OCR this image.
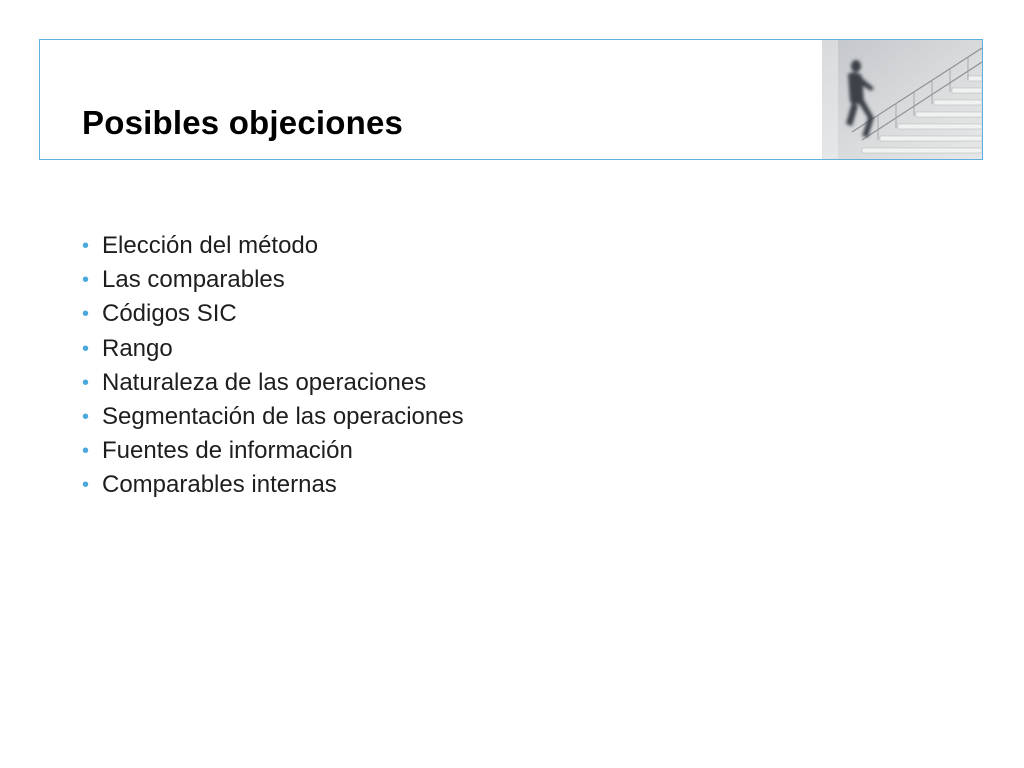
Posibles objeciones
• Elección del método
• Las comparables
• Códigos SIC
• Rango
• Naturaleza de las operaciones
• Segmentación de las operaciones
• Fuentes de información
• Comparables internas
